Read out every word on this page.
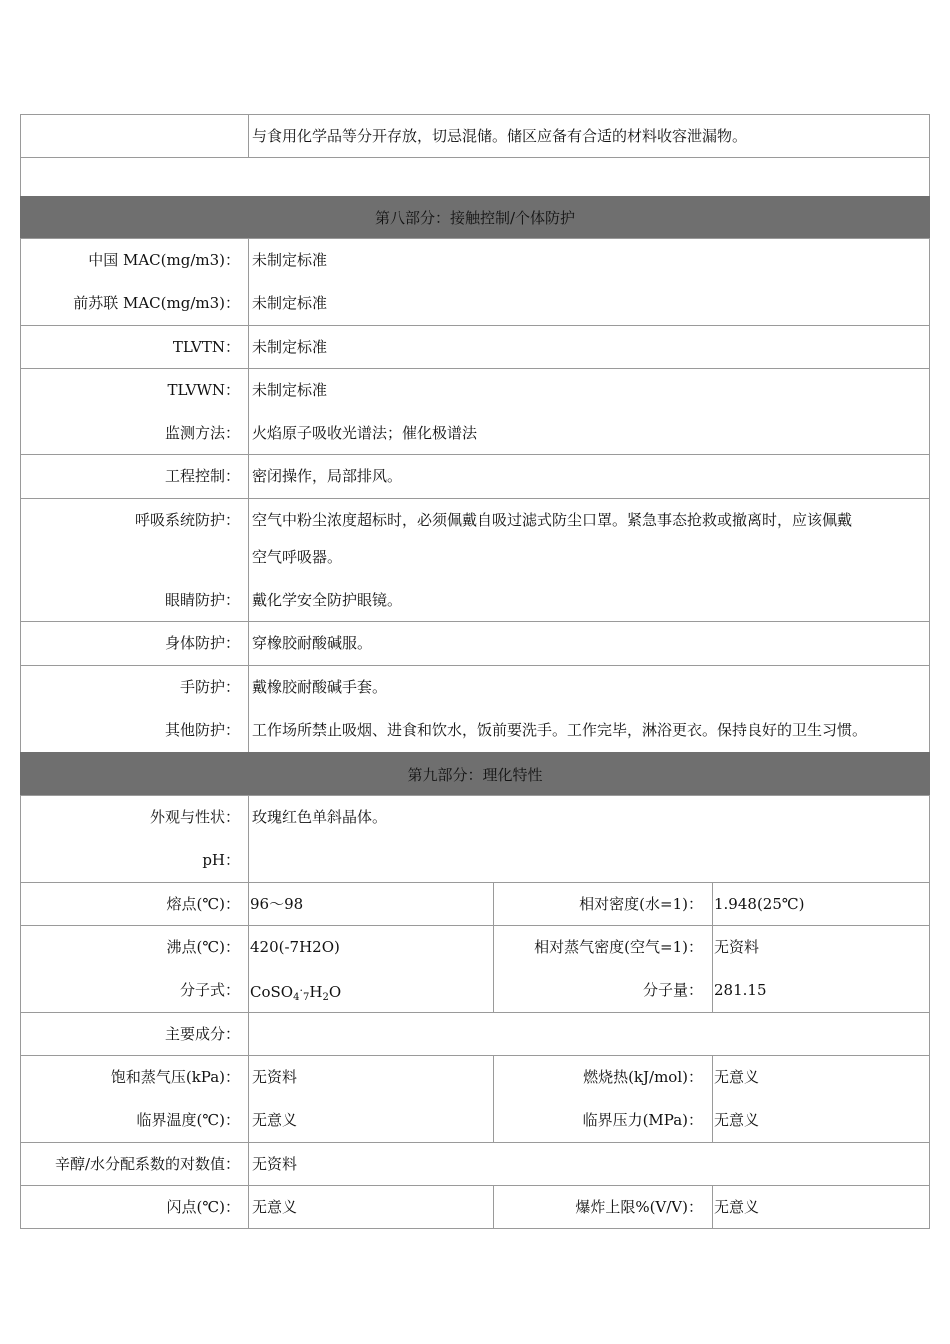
与食用化学品等分开存放，切忌混储。储区应备有合适的材料收容泄漏物。
第八部分：接触控制/个体防护
中国 MAC(mg/m3)： 未制定标准
前苏联 MAC(mg/m3)： 未制定标准
TLVTN： 未制定标准
TLVWN： 未制定标准
监测方法： 火焰原子吸收光谱法；催化极谱法
工程控制： 密闭操作，局部排风。
呼吸系统防护： 空气中粉尘浓度超标时，必须佩戴自吸过滤式防尘口罩。紧急事态抢救或撤离时，应该佩戴
空气呼吸器。
眼睛防护： 戴化学安全防护眼镜。
身体防护： 穿橡胶耐酸碱服。
手防护： 戴橡胶耐酸碱手套。
其他防护： 工作场所禁止吸烟、进食和饮水，饭前要洗手。工作完毕，淋浴更衣。保持良好的卫生习惯。
第九部分：理化特性
外观与性状： 玫瑰红色单斜晶体。
pH：
熔点(℃)： 96～98	相对密度(水=1)： 1.948(25℃)
沸点(℃)： 420(-7H2O)	相对蒸气密度(空气=1)： 无资料
分子式： $CoSO_4^\cdot_7H_2O$	分子量： 281.15
主要成分：
饱和蒸气压(kPa)： 无资料	燃烧热(kJ/mol)： 无意义
临界温度(℃)： 无意义	临界压力(MPa)： 无意义
辛醇/水分配系数的对数值： 无资料
闪点(℃)： 无意义	爆炸上限%(V/V)： 无意义
